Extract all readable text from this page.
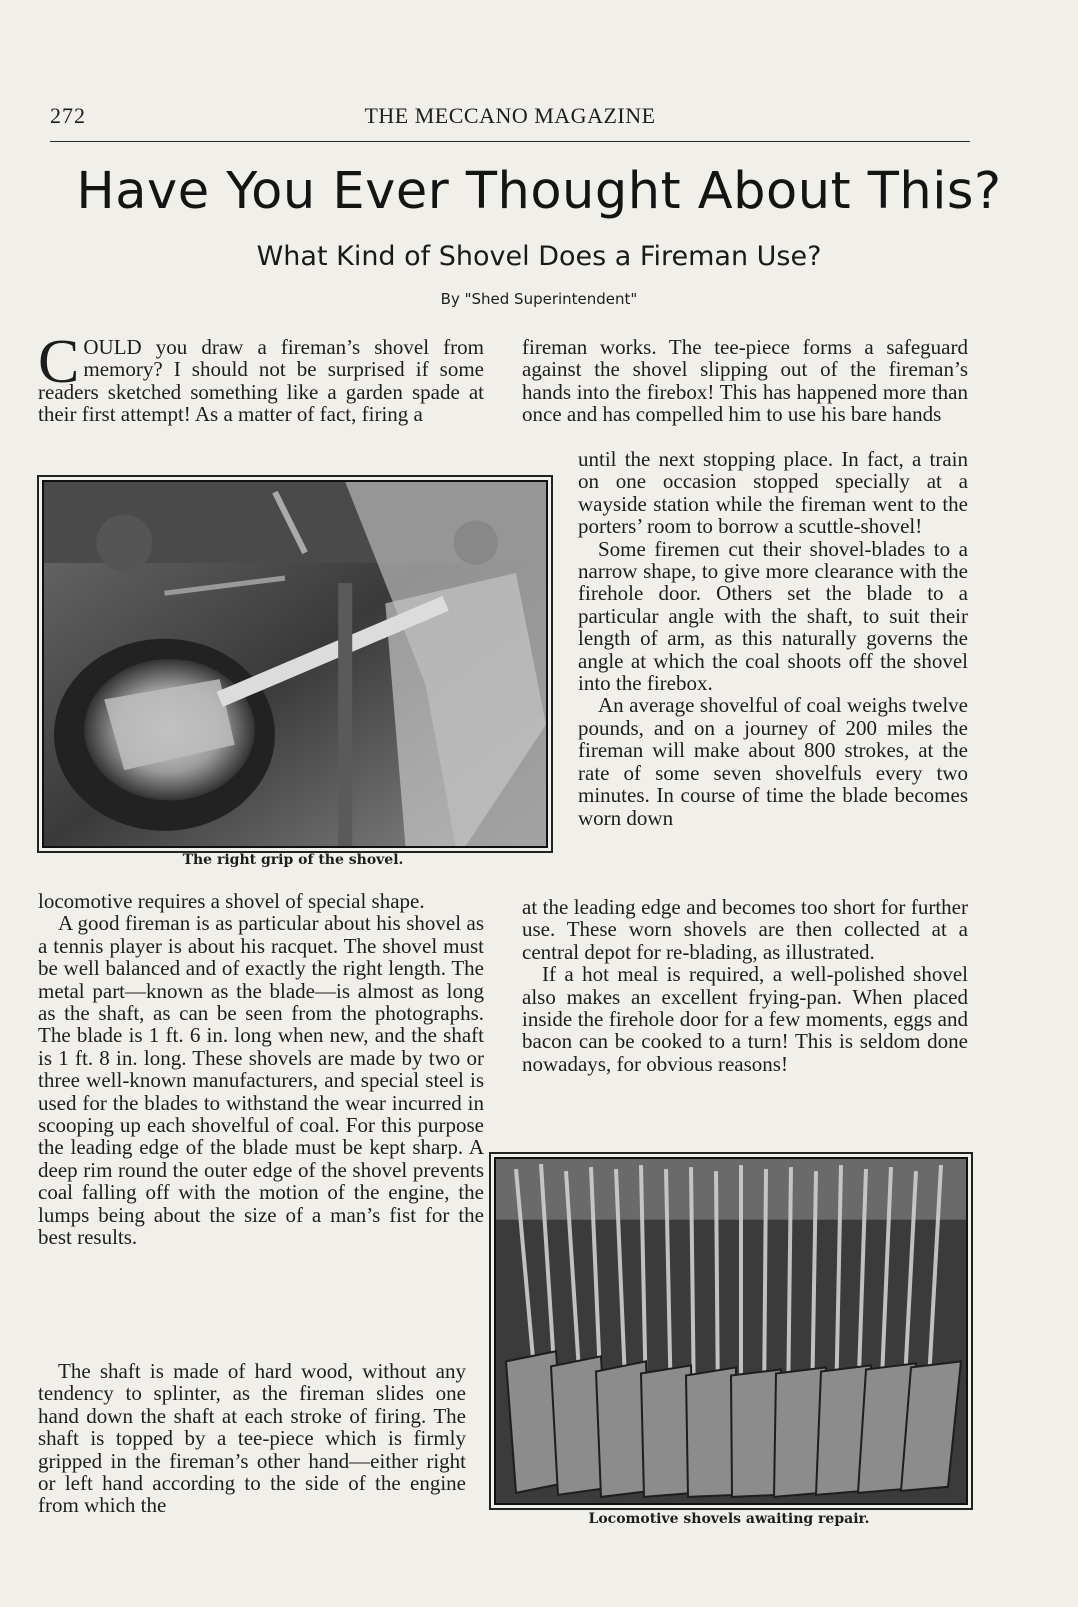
272	THE MECCANO MAGAZINE
Have You Ever Thought About This?
What Kind of Shovel Does a Fireman Use?
By "Shed Superintendent"

COULD you draw a fireman’s shovel from memory? I should not be surprised if some readers sketched something like a garden spade at their first attempt! As a matter of fact, firing a

The right grip of the shovel.

locomotive requires a shovel of special shape.

A good fireman is as particular about his shovel as a tennis player is about his racquet. The shovel must be well balanced and of exactly the right length. The metal part—known as the blade—is almost as long as the shaft, as can be seen from the photographs. The blade is 1 ft. 6 in. long when new, and the shaft is 1 ft. 8 in. long. These shovels are made by two or three well-known manufacturers, and special steel is used for the blades to withstand the wear incurred in scooping up each shovelful of coal. For this purpose the leading edge of the blade must be kept sharp. A deep rim round the outer edge of the shovel prevents coal falling off with the motion of the engine, the lumps being about the size of a man’s fist for the best results.

The shaft is made of hard wood, without any tendency to splinter, as the fireman slides one hand down the shaft at each stroke of firing. The shaft is topped by a tee-piece which is firmly gripped in the fireman’s other hand—either right or left hand according to the side of the engine from which the

fireman works. The tee-piece forms a safeguard against the shovel slipping out of the fireman’s hands into the firebox! This has happened more than once and has compelled him to use his bare hands

until the next stopping place. In fact, a train on one occasion stopped specially at a wayside station while the fireman went to the porters’ room to borrow a scuttle-shovel!

Some firemen cut their shovel-blades to a narrow shape, to give more clearance with the firehole door. Others set the blade to a particular angle with the shaft, to suit their length of arm, as this naturally governs the angle at which the coal shoots off the shovel into the firebox.

An average shovelful of coal weighs twelve pounds, and on a journey of 200 miles the fireman will make about 800 strokes, at the rate of some seven shovelfuls every two minutes. In course of time the blade becomes worn down

at the leading edge and becomes too short for further use. These worn shovels are then collected at a central depot for re-blading, as illustrated.

If a hot meal is required, a well-polished shovel also makes an excellent frying-pan. When placed inside the firehole door for a few moments, eggs and bacon can be cooked to a turn! This is seldom done nowadays, for obvious reasons!

Locomotive shovels awaiting repair.
